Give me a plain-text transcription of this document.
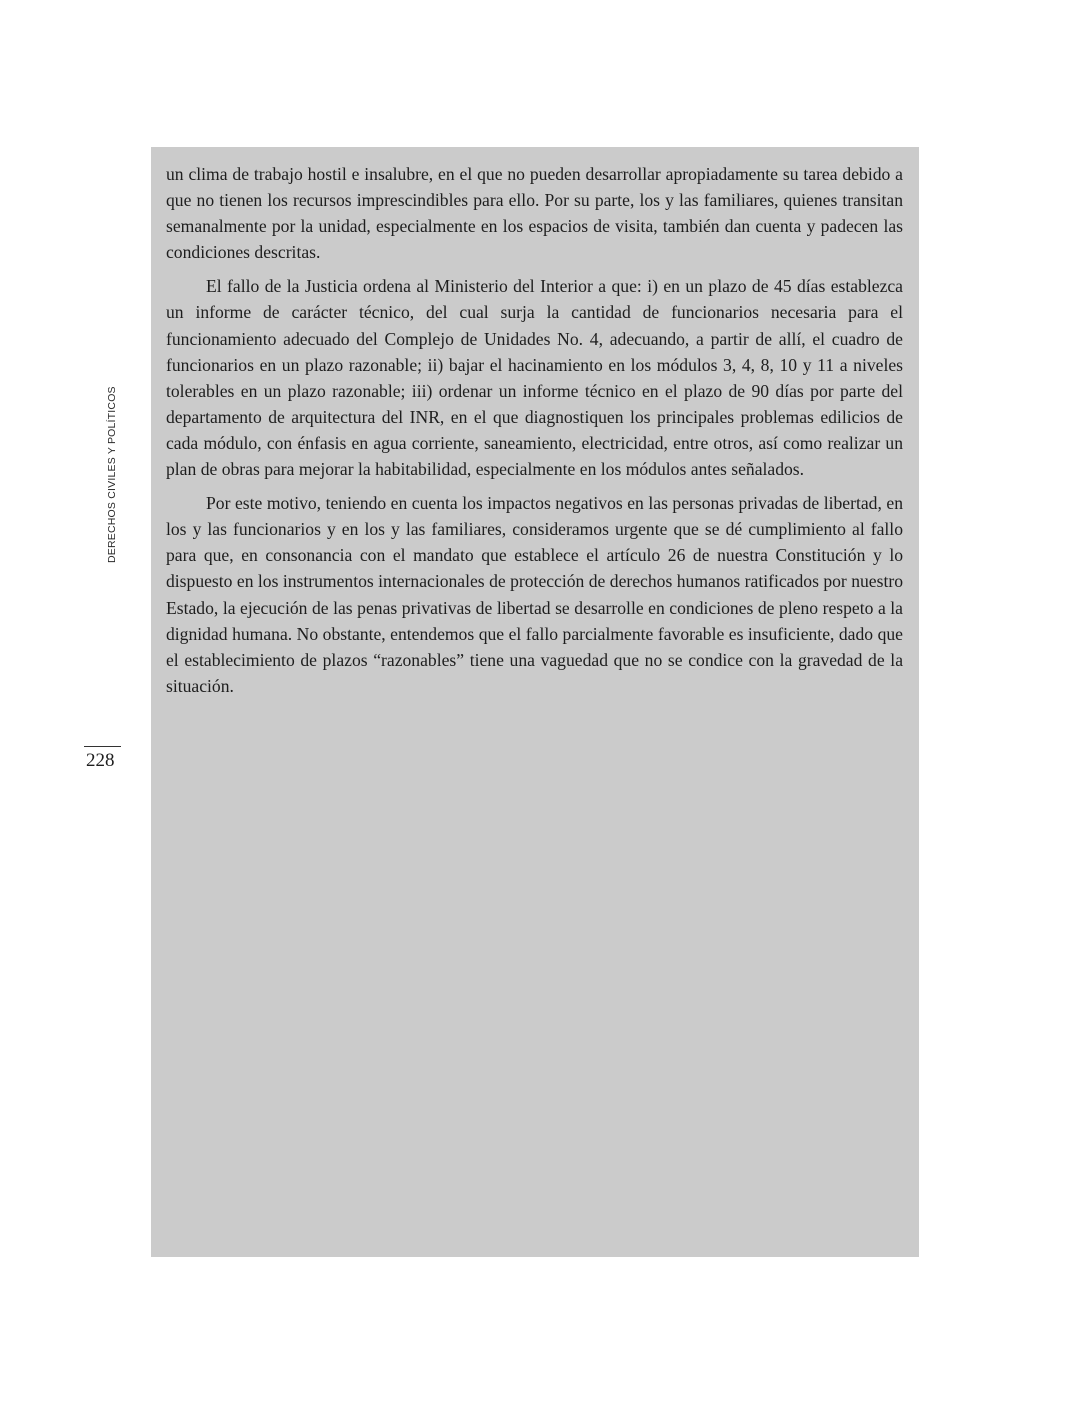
un clima de trabajo hostil e insalubre, en el que no pueden desarrollar apropiadamente su tarea debido a que no tienen los recursos imprescindibles para ello. Por su parte, los y las familiares, quienes transitan semanalmente por la unidad, especialmente en los espacios de visita, también dan cuenta y padecen las condiciones descritas.

El fallo de la Justicia ordena al Ministerio del Interior a que: i) en un plazo de 45 días establezca un informe de carácter técnico, del cual surja la cantidad de funcionarios necesaria para el funcionamiento adecuado del Complejo de Unidades No. 4, adecuando, a partir de allí, el cuadro de funcionarios en un plazo razonable; ii) bajar el hacinamiento en los módulos 3, 4, 8, 10 y 11 a niveles tolerables en un plazo razonable; iii) ordenar un informe técnico en el plazo de 90 días por parte del departamento de arquitectura del INR, en el que diagnostiquen los principales problemas edilicios de cada módulo, con énfasis en agua corriente, saneamiento, electricidad, entre otros, así como realizar un plan de obras para mejorar la habitabilidad, especialmente en los módulos antes señalados.

Por este motivo, teniendo en cuenta los impactos negativos en las personas privadas de libertad, en los y las funcionarios y en los y las familiares, consideramos urgente que se dé cumplimiento al fallo para que, en consonancia con el mandato que establece el artículo 26 de nuestra Constitución y lo dispuesto en los instrumentos internacionales de protección de derechos humanos ratificados por nuestro Estado, la ejecución de las penas privativas de libertad se desarrolle en condiciones de pleno respeto a la dignidad humana. No obstante, entendemos que el fallo parcialmente favorable es insuficiente, dado que el establecimiento de plazos “razonables” tiene una vaguedad que no se condice con la gravedad de la situación.

DERECHOS CIVILES Y POLÍTICOS
228
